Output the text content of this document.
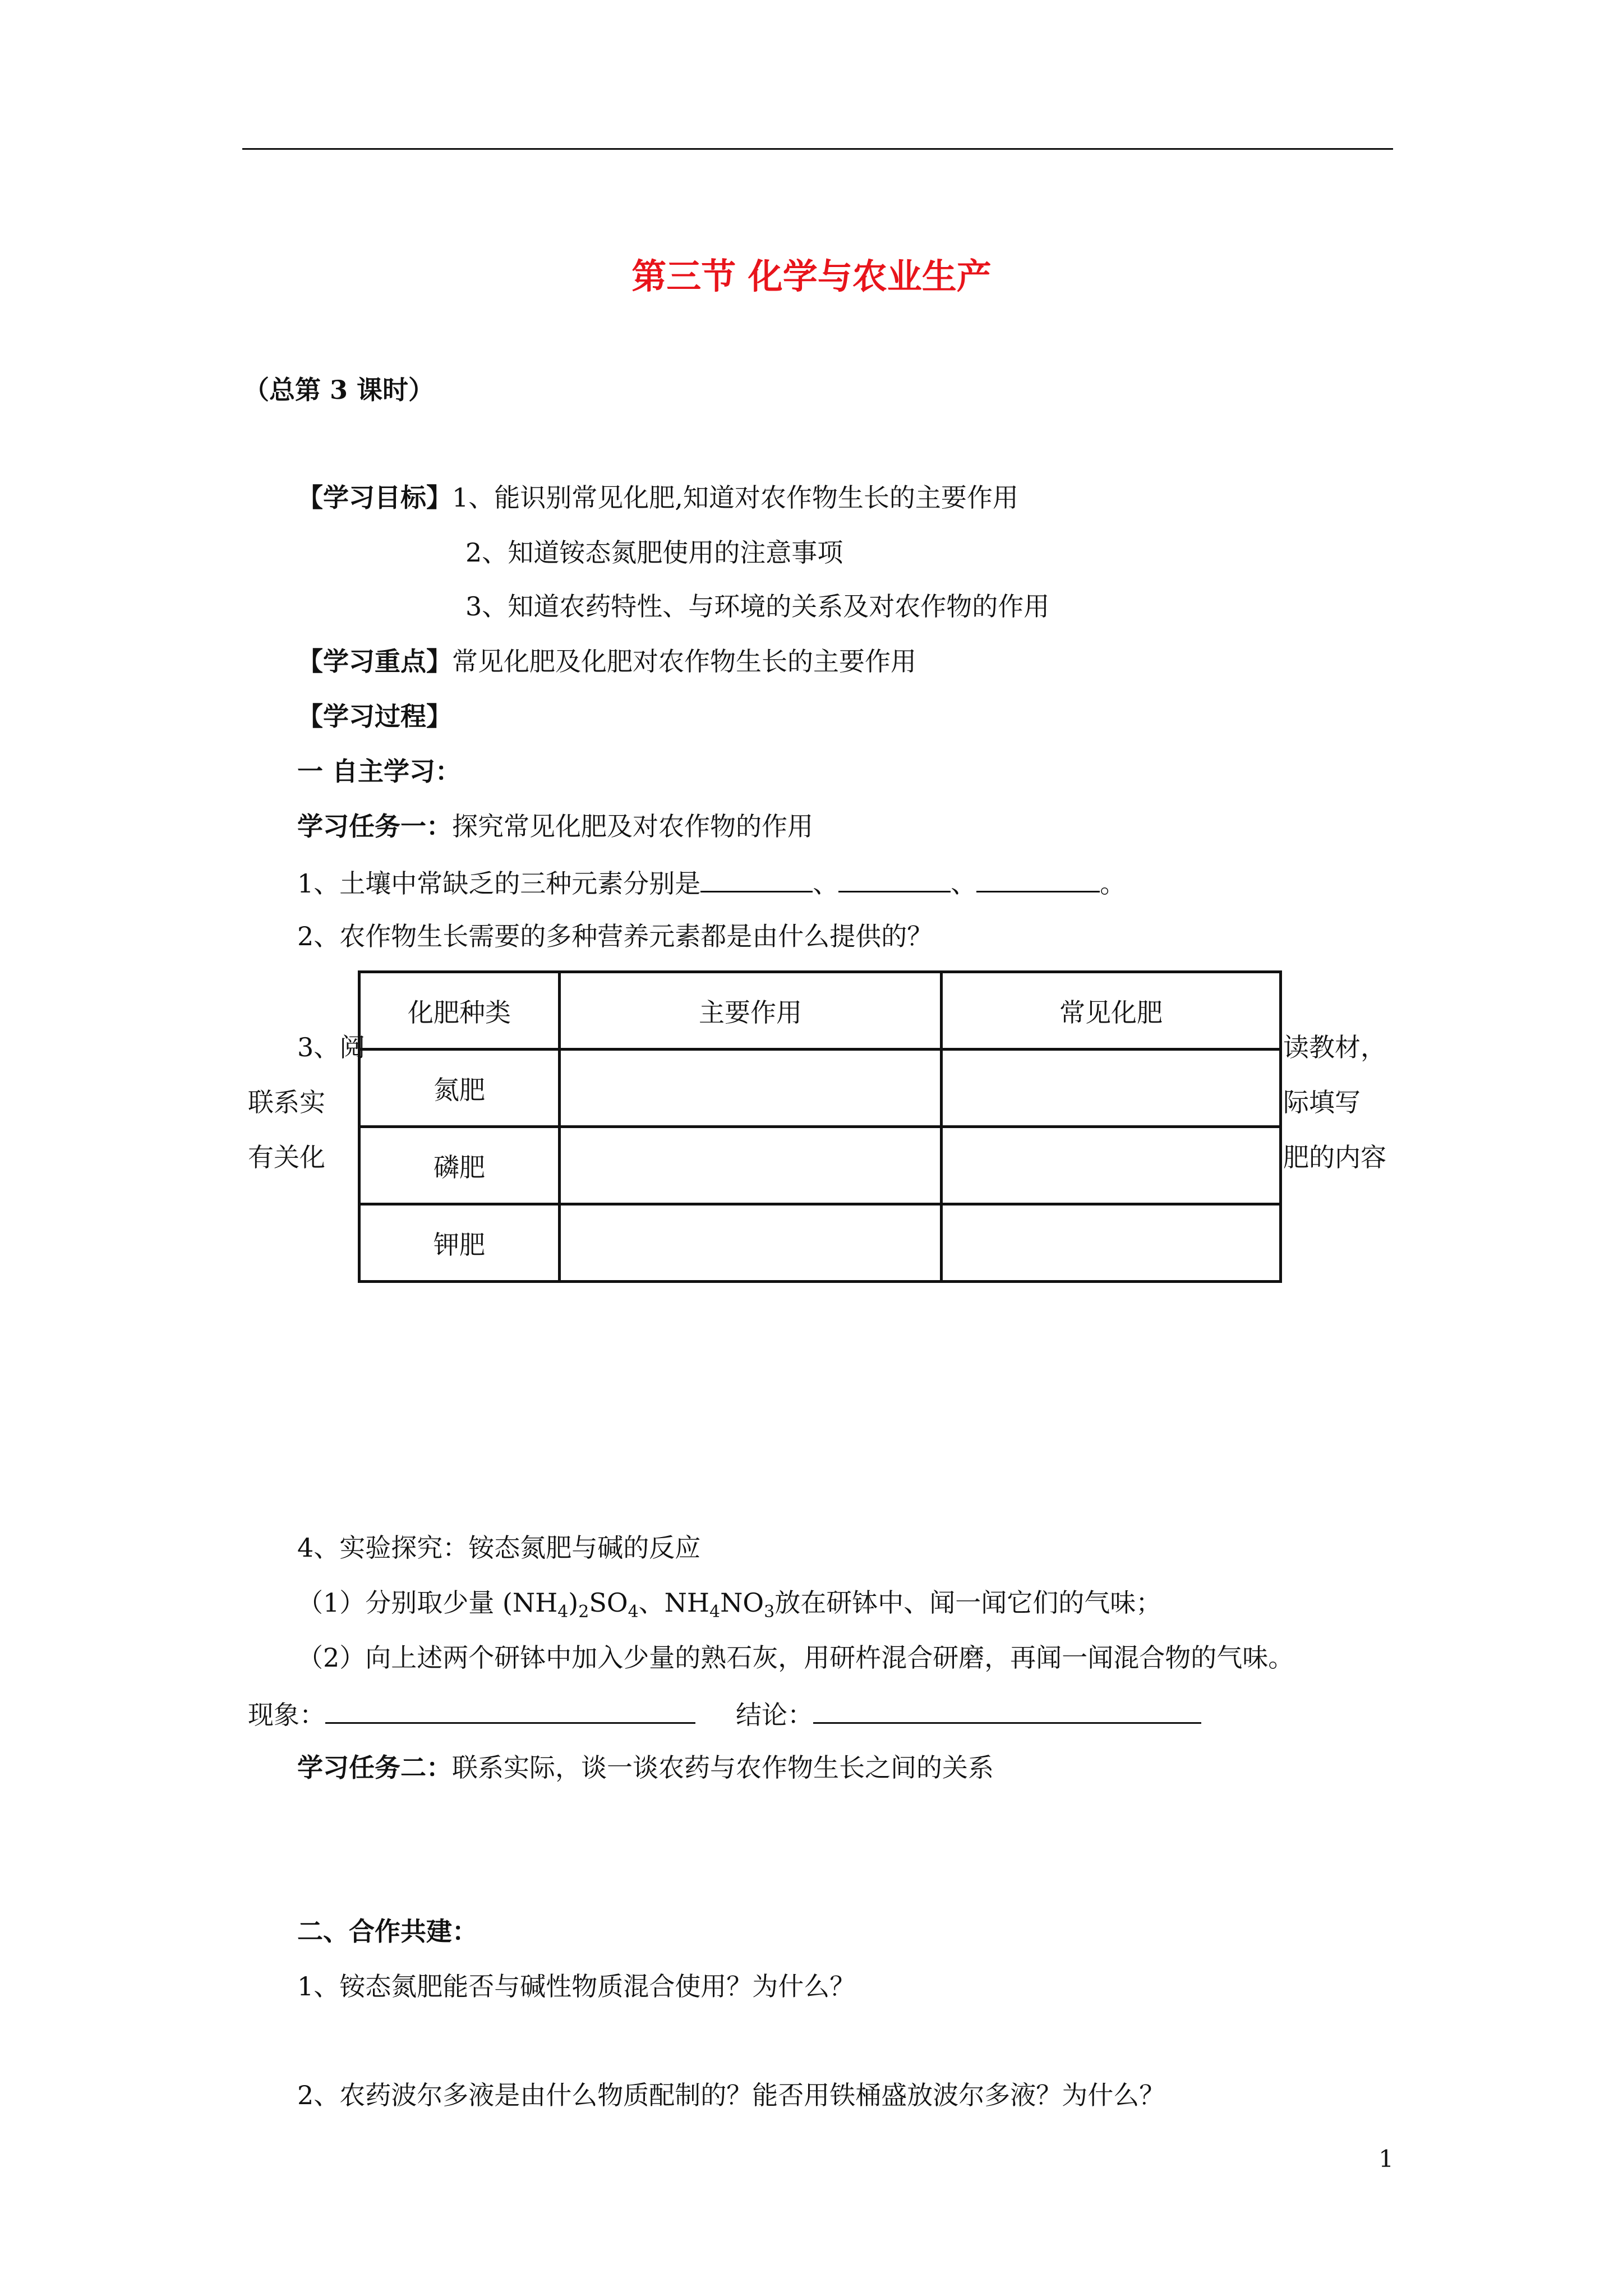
第三节 化学与农业生产
（总第 3 课时）
【学习目标】1、能识别常见化肥,知道对农作物生长的主要作用
2、知道铵态氮肥使用的注意事项
3、知道农药特性、与环境的关系及对农作物的作用
【学习重点】常见化肥及化肥对农作物生长的主要作用
【学习过程】
一 自主学习：
学习任务一：探究常见化肥及对农作物的作用
1、土壤中常缺乏的三种元素分别是	、	、	。
2、农作物生长需要的多种营养元素都是由什么提供的？
3、阅
联系实
有关化
读教材，
际填写
肥的内容
化肥种类	主要作用	常见化肥
氮肥		
磷肥		
钾肥		
4、实验探究：铵态氮肥与碱的反应
（1）分别取少量 $(NH_4)_2SO_4$、$NH_4NO_3$放在研钵中、闻一闻它们的气味；
（2）向上述两个研钵中加入少量的熟石灰，用研杵混合研磨，再闻一闻混合物的气味。
现象：	结论：
学习任务二：联系实际，谈一谈农药与农作物生长之间的关系
二、合作共建：
1、铵态氮肥能否与碱性物质混合使用？为什么？
2、农药波尔多液是由什么物质配制的？能否用铁桶盛放波尔多液？为什么？
1
